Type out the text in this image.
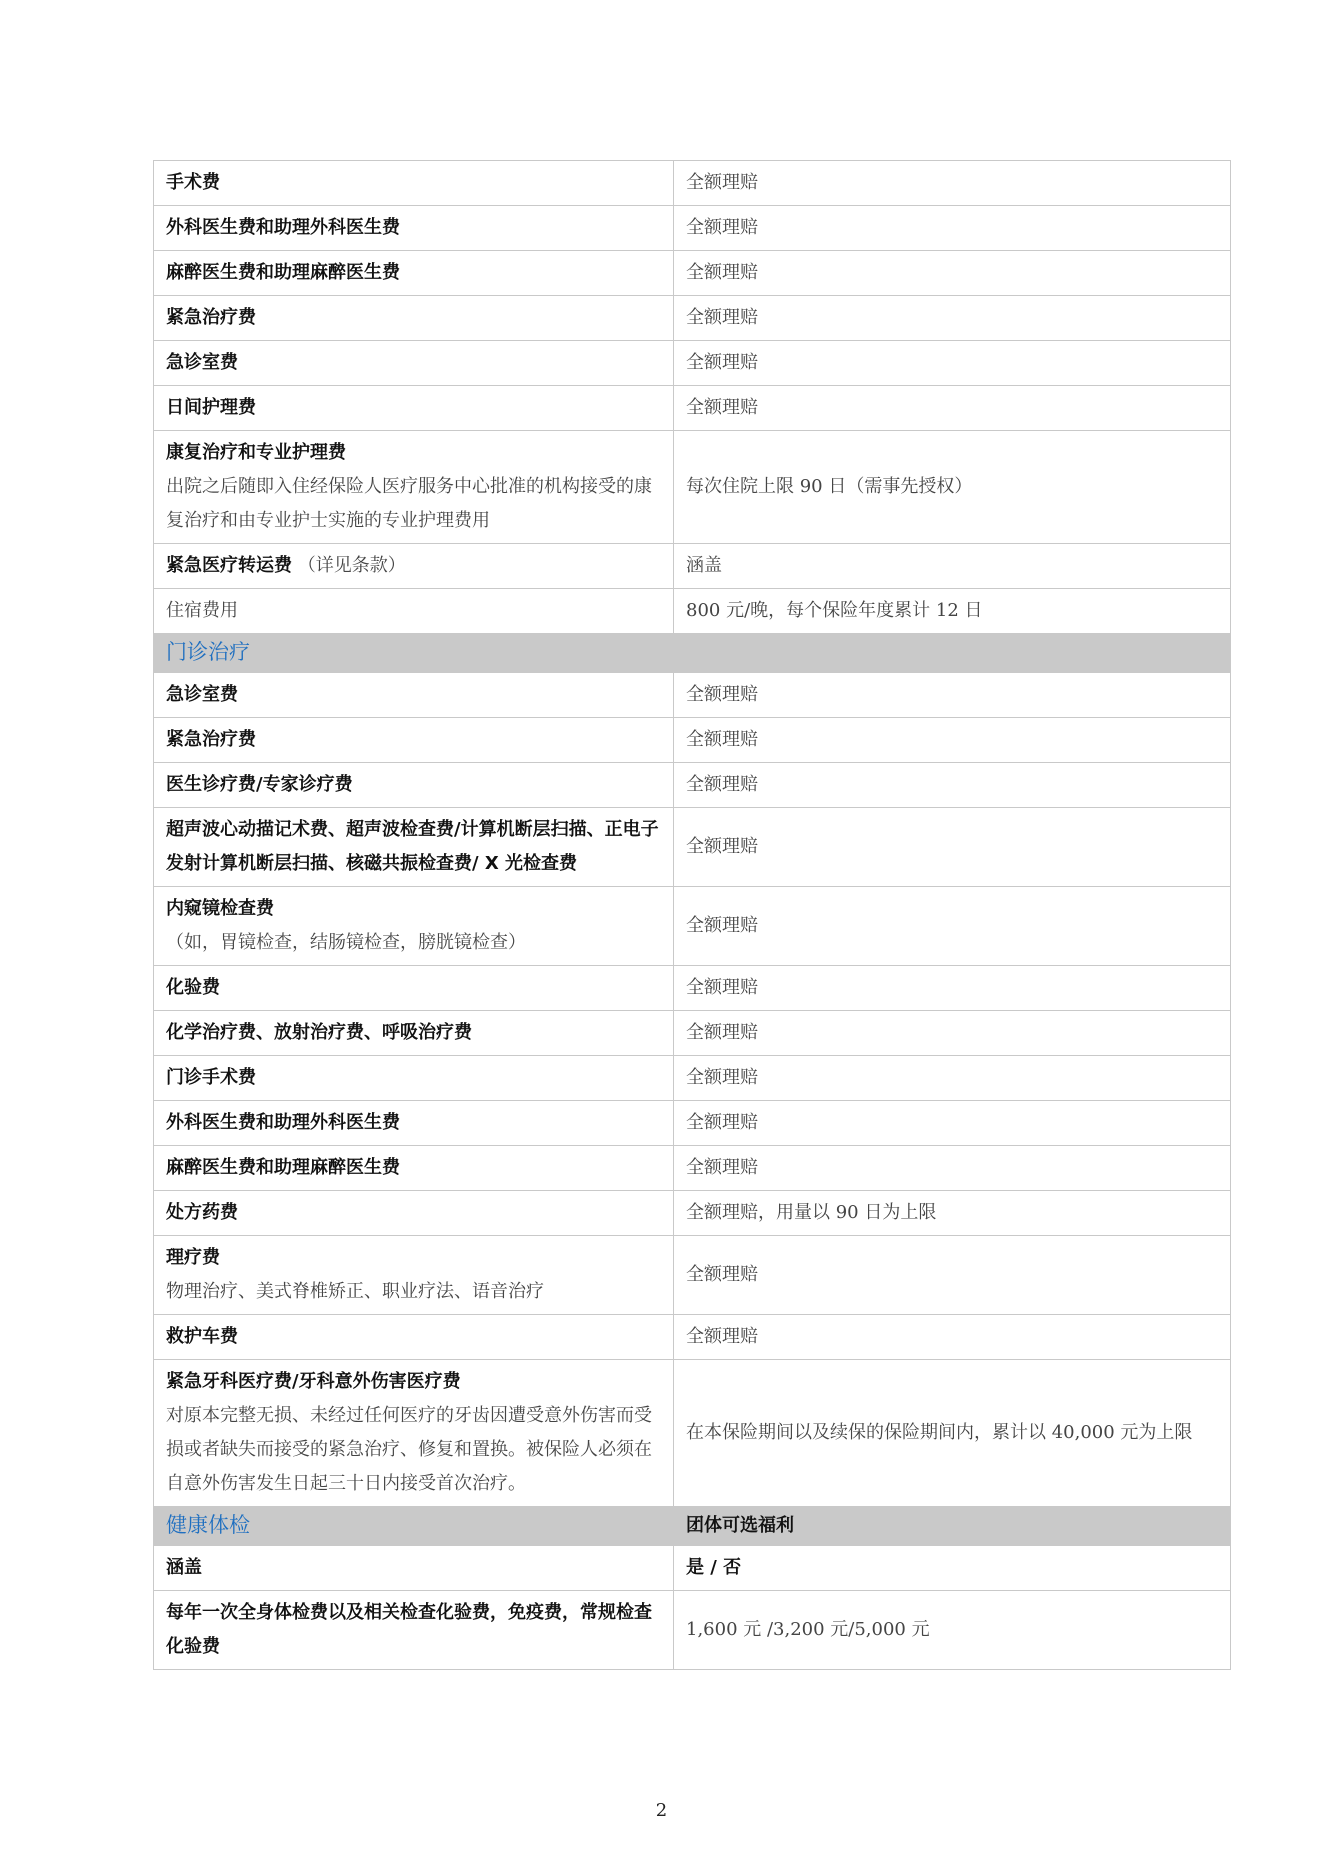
手术费	全额理赔
外科医生费和助理外科医生费	全额理赔
麻醉医生费和助理麻醉医生费	全额理赔
紧急治疗费	全额理赔
急诊室费	全额理赔
日间护理费	全额理赔

康复治疗和专业护理费
出院之后随即入住经保险人医疗服务中心批准的机构接受的康复治疗和由专业护士实施的专业护理费用	每次住院上限 90 日（需事先授权）
紧急医疗转运费 （详见条款）	涵盖
住宿费用	800 元/晚，每个保险年度累计 12 日
门诊治疗	
急诊室费	全额理赔
紧急治疗费	全额理赔
医生诊疗费/专家诊疗费	全额理赔
超声波心动描记术费、超声波检查费/计算机断层扫描、正电子发射计算机断层扫描、核磁共振检查费/ X 光检查费	全额理赔

内窥镜检查费
（如，胃镜检查，结肠镜检查，膀胱镜检查）	全额理赔
化验费	全额理赔
化学治疗费、放射治疗费、呼吸治疗费	全额理赔
门诊手术费	全额理赔
外科医生费和助理外科医生费	全额理赔
麻醉医生费和助理麻醉医生费	全额理赔
处方药费	全额理赔，用量以 90 日为上限

理疗费
物理治疗、美式脊椎矫正、职业疗法、语音治疗	全额理赔
救护车费	全额理赔

紧急牙科医疗费/牙科意外伤害医疗费
对原本完整无损、未经过任何医疗的牙齿因遭受意外伤害而受损或者缺失而接受的紧急治疗、修复和置换。被保险人必须在自意外伤害发生日起三十日内接受首次治疗。	在本保险期间以及续保的保险期间内，累计以 40,000 元为上限
健康体检	团体可选福利
涵盖	是 / 否
每年一次全身体检费以及相关检查化验费，免疫费，常规检查化验费	1,600 元 /3,200 元/5,000 元
2
